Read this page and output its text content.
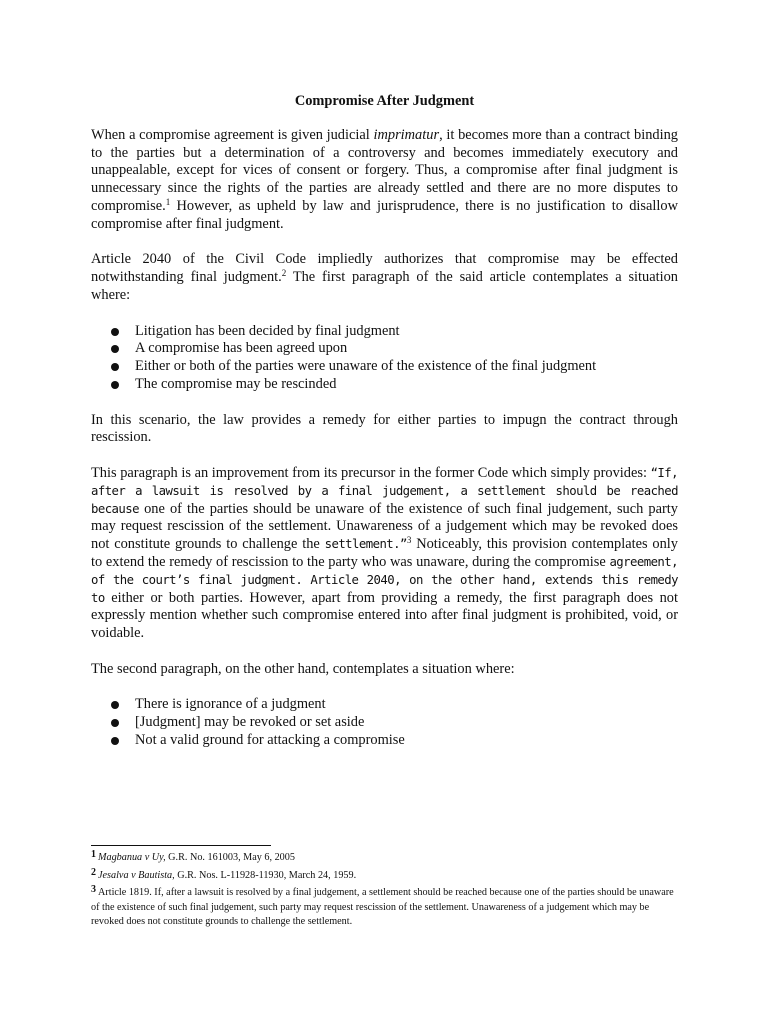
Compromise After Judgment

When a compromise agreement is given judicial imprimatur, it becomes more than a contract binding to the parties but a determination of a controversy and becomes immediately executory and unappealable, except for vices of consent or forgery. Thus, a compromise after final judgment is unnecessary since the rights of the parties are already settled and there are no more disputes to compromise.$^1$ However, as upheld by law and jurisprudence, there is no justification to disallow compromise after final judgment.

Article 2040 of the Civil Code impliedly authorizes that compromise may be effected notwithstanding final judgment.$^2$ The first paragraph of the said article contemplates a situation where:

Litigation has been decided by final judgment
A compromise has been agreed upon
Either or both of the parties were unaware of the existence of the final judgment
The compromise may be rescinded

In this scenario, the law provides a remedy for either parties to impugn the contract through rescission.

This paragraph is an improvement from its precursor in the former Code which simply provides: “If, after a lawsuit is resolved by a final judgement, a settlement should be reached because one of the parties should be unaware of the existence of such final judgement, such party may request rescission of the settlement. Unawareness of a judgement which may be revoked does not constitute grounds to challenge the settlement.”$^3$ Noticeably, this provision contemplates only to extend the remedy of rescission to the party who was unaware, during the compromise agreement, of the court’s final judgment. Article 2040, on the other hand, extends this remedy to either or both parties. However, apart from providing a remedy, the first paragraph does not expressly mention whether such compromise entered into after final judgment is prohibited, void, or voidable.

The second paragraph, on the other hand, contemplates a situation where:

There is ignorance of a judgment
[Judgment] may be revoked or set aside
Not a valid ground for attacking a compromise
1 Magbanua v Uy, G.R. No. 161003, May 6, 2005
2 Jesalva v Bautista, G.R. Nos. L-11928-11930, March 24, 1959.
3 Article 1819. If, after a lawsuit is resolved by a final judgement, a settlement should be reached because one of the parties should be unaware of the existence of such final judgement, such party may request rescission of the settlement. Unawareness of a judgement which may be revoked does not constitute grounds to challenge the settlement.
